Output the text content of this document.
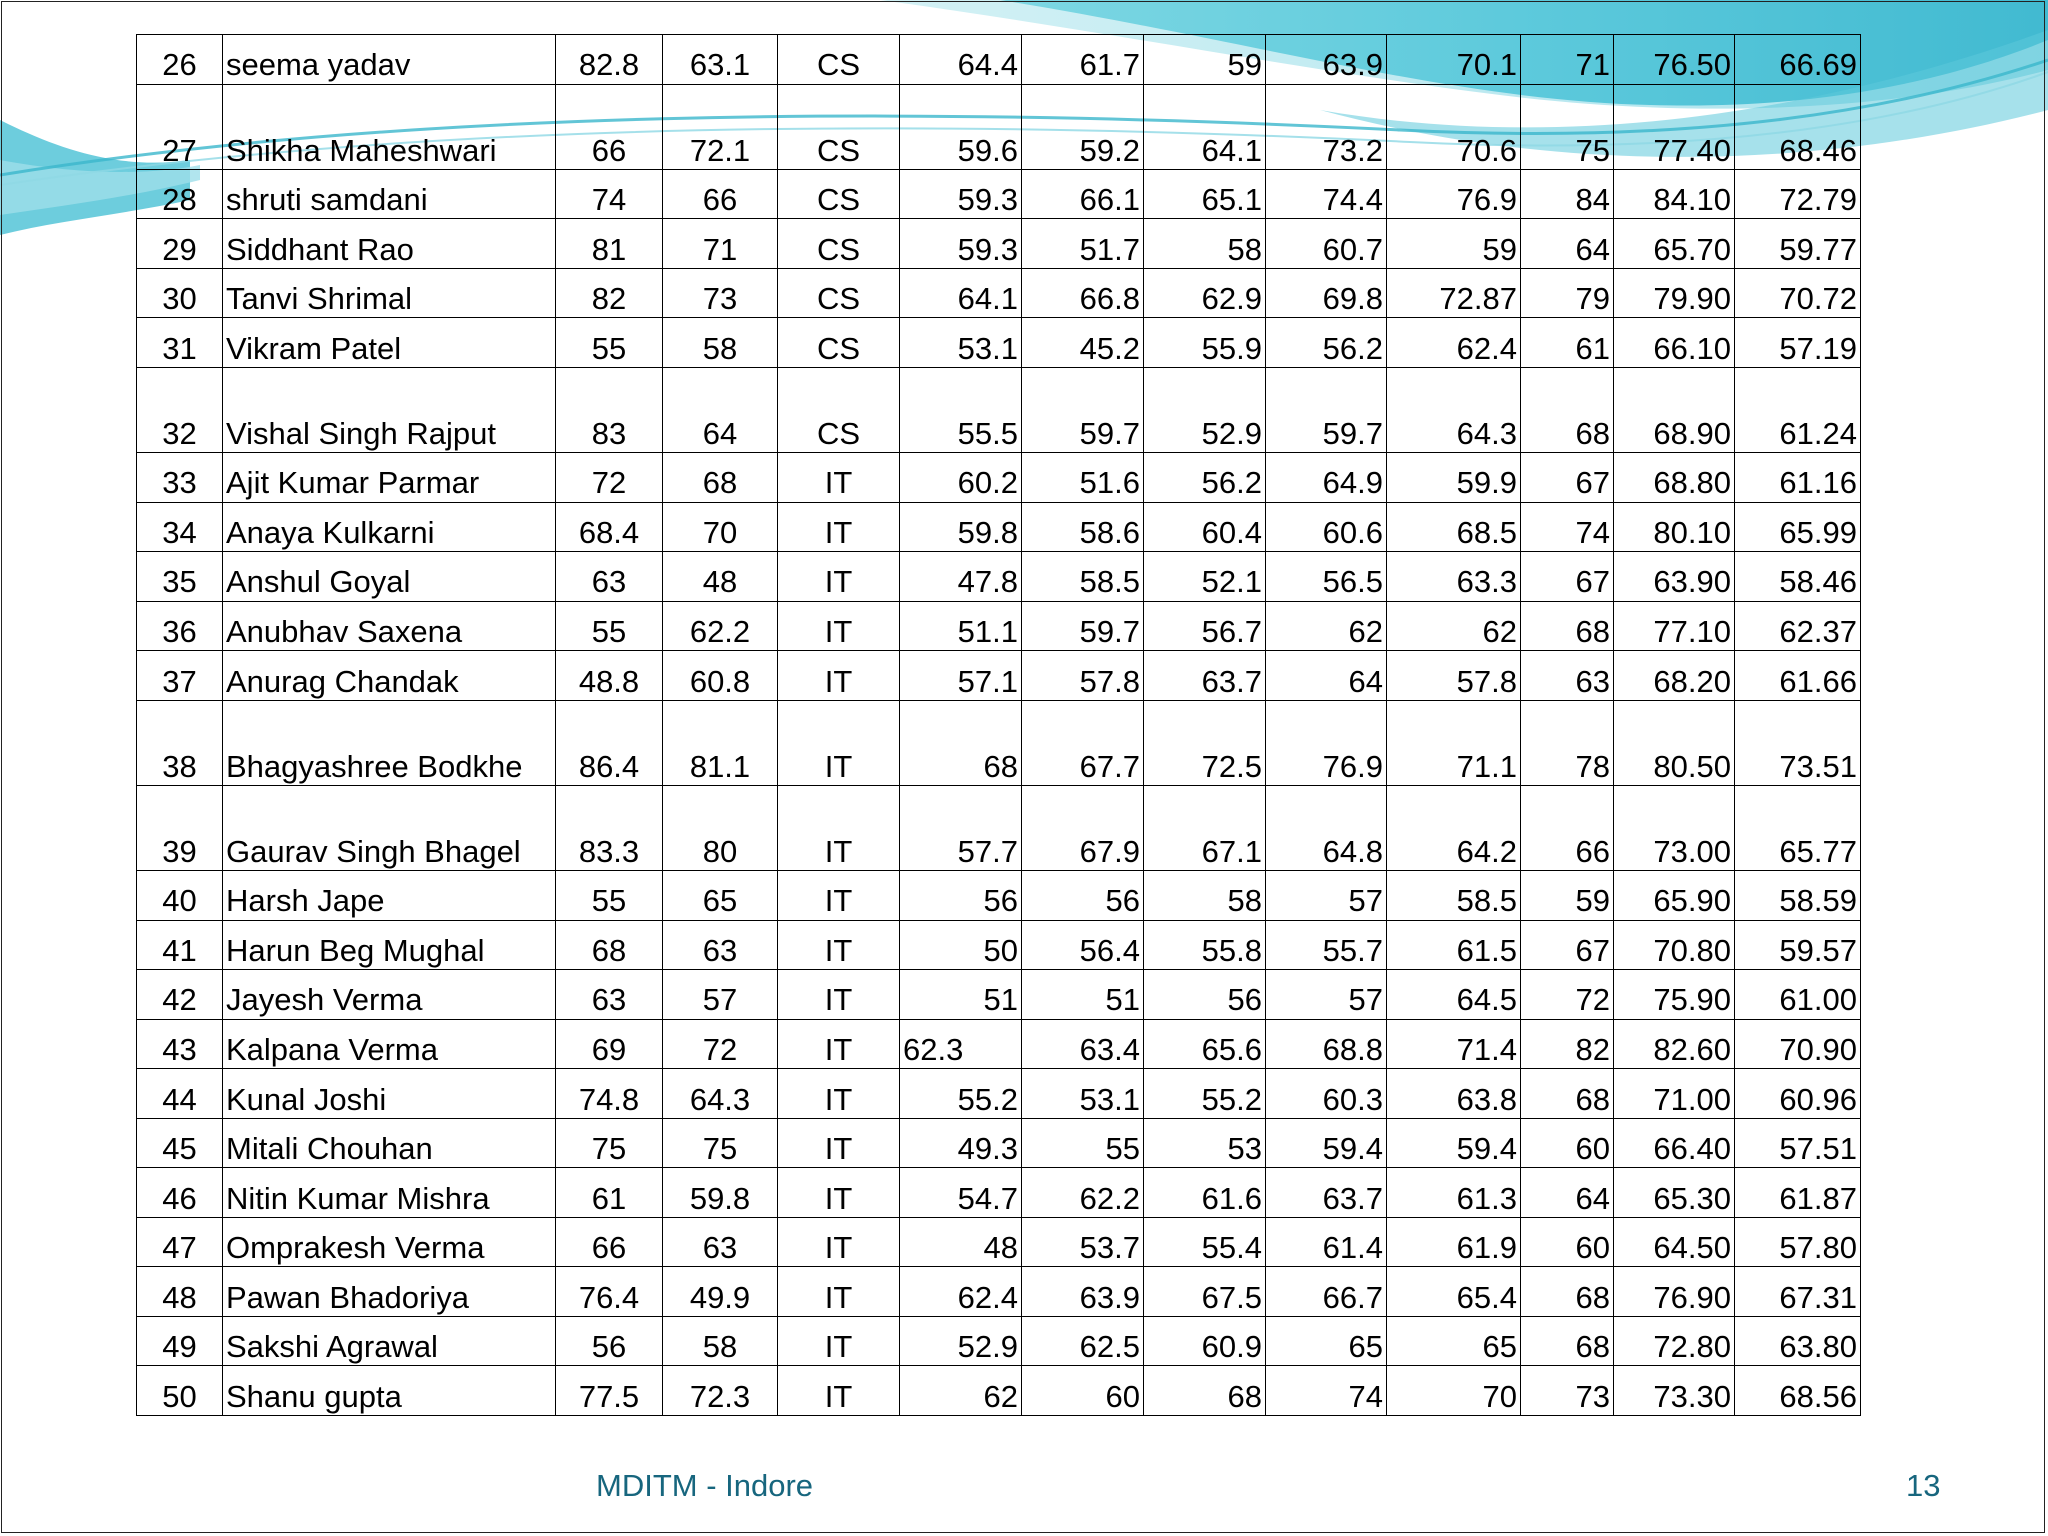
26	seema yadav	82.8	63.1	CS	64.4	61.7	59	63.9	70.1	71	76.50	66.69
27	Shikha Maheshwari	66	72.1	CS	59.6	59.2	64.1	73.2	70.6	75	77.40	68.46
28	shruti samdani	74	66	CS	59.3	66.1	65.1	74.4	76.9	84	84.10	72.79
29	Siddhant Rao	81	71	CS	59.3	51.7	58	60.7	59	64	65.70	59.77
30	Tanvi Shrimal	82	73	CS	64.1	66.8	62.9	69.8	72.87	79	79.90	70.72
31	Vikram Patel	55	58	CS	53.1	45.2	55.9	56.2	62.4	61	66.10	57.19
32	Vishal Singh Rajput	83	64	CS	55.5	59.7	52.9	59.7	64.3	68	68.90	61.24
33	Ajit Kumar Parmar	72	68	IT	60.2	51.6	56.2	64.9	59.9	67	68.80	61.16
34	Anaya Kulkarni	68.4	70	IT	59.8	58.6	60.4	60.6	68.5	74	80.10	65.99
35	Anshul Goyal	63	48	IT	47.8	58.5	52.1	56.5	63.3	67	63.90	58.46
36	Anubhav Saxena	55	62.2	IT	51.1	59.7	56.7	62	62	68	77.10	62.37
37	Anurag Chandak	48.8	60.8	IT	57.1	57.8	63.7	64	57.8	63	68.20	61.66
38	Bhagyashree Bodkhe	86.4	81.1	IT	68	67.7	72.5	76.9	71.1	78	80.50	73.51
39	Gaurav Singh Bhagel	83.3	80	IT	57.7	67.9	67.1	64.8	64.2	66	73.00	65.77
40	Harsh Jape	55	65	IT	56	56	58	57	58.5	59	65.90	58.59
41	Harun Beg Mughal	68	63	IT	50	56.4	55.8	55.7	61.5	67	70.80	59.57
42	Jayesh Verma	63	57	IT	51	51	56	57	64.5	72	75.90	61.00
43	Kalpana Verma	69	72	IT	62.3	63.4	65.6	68.8	71.4	82	82.60	70.90
44	Kunal Joshi	74.8	64.3	IT	55.2	53.1	55.2	60.3	63.8	68	71.00	60.96
45	Mitali Chouhan	75	75	IT	49.3	55	53	59.4	59.4	60	66.40	57.51
46	Nitin Kumar Mishra	61	59.8	IT	54.7	62.2	61.6	63.7	61.3	64	65.30	61.87
47	Omprakesh Verma	66	63	IT	48	53.7	55.4	61.4	61.9	60	64.50	57.80
48	Pawan Bhadoriya	76.4	49.9	IT	62.4	63.9	67.5	66.7	65.4	68	76.90	67.31
49	Sakshi Agrawal	56	58	IT	52.9	62.5	60.9	65	65	68	72.80	63.80
50	Shanu gupta	77.5	72.3	IT	62	60	68	74	70	73	73.30	68.56
MDITM - Indore	13
